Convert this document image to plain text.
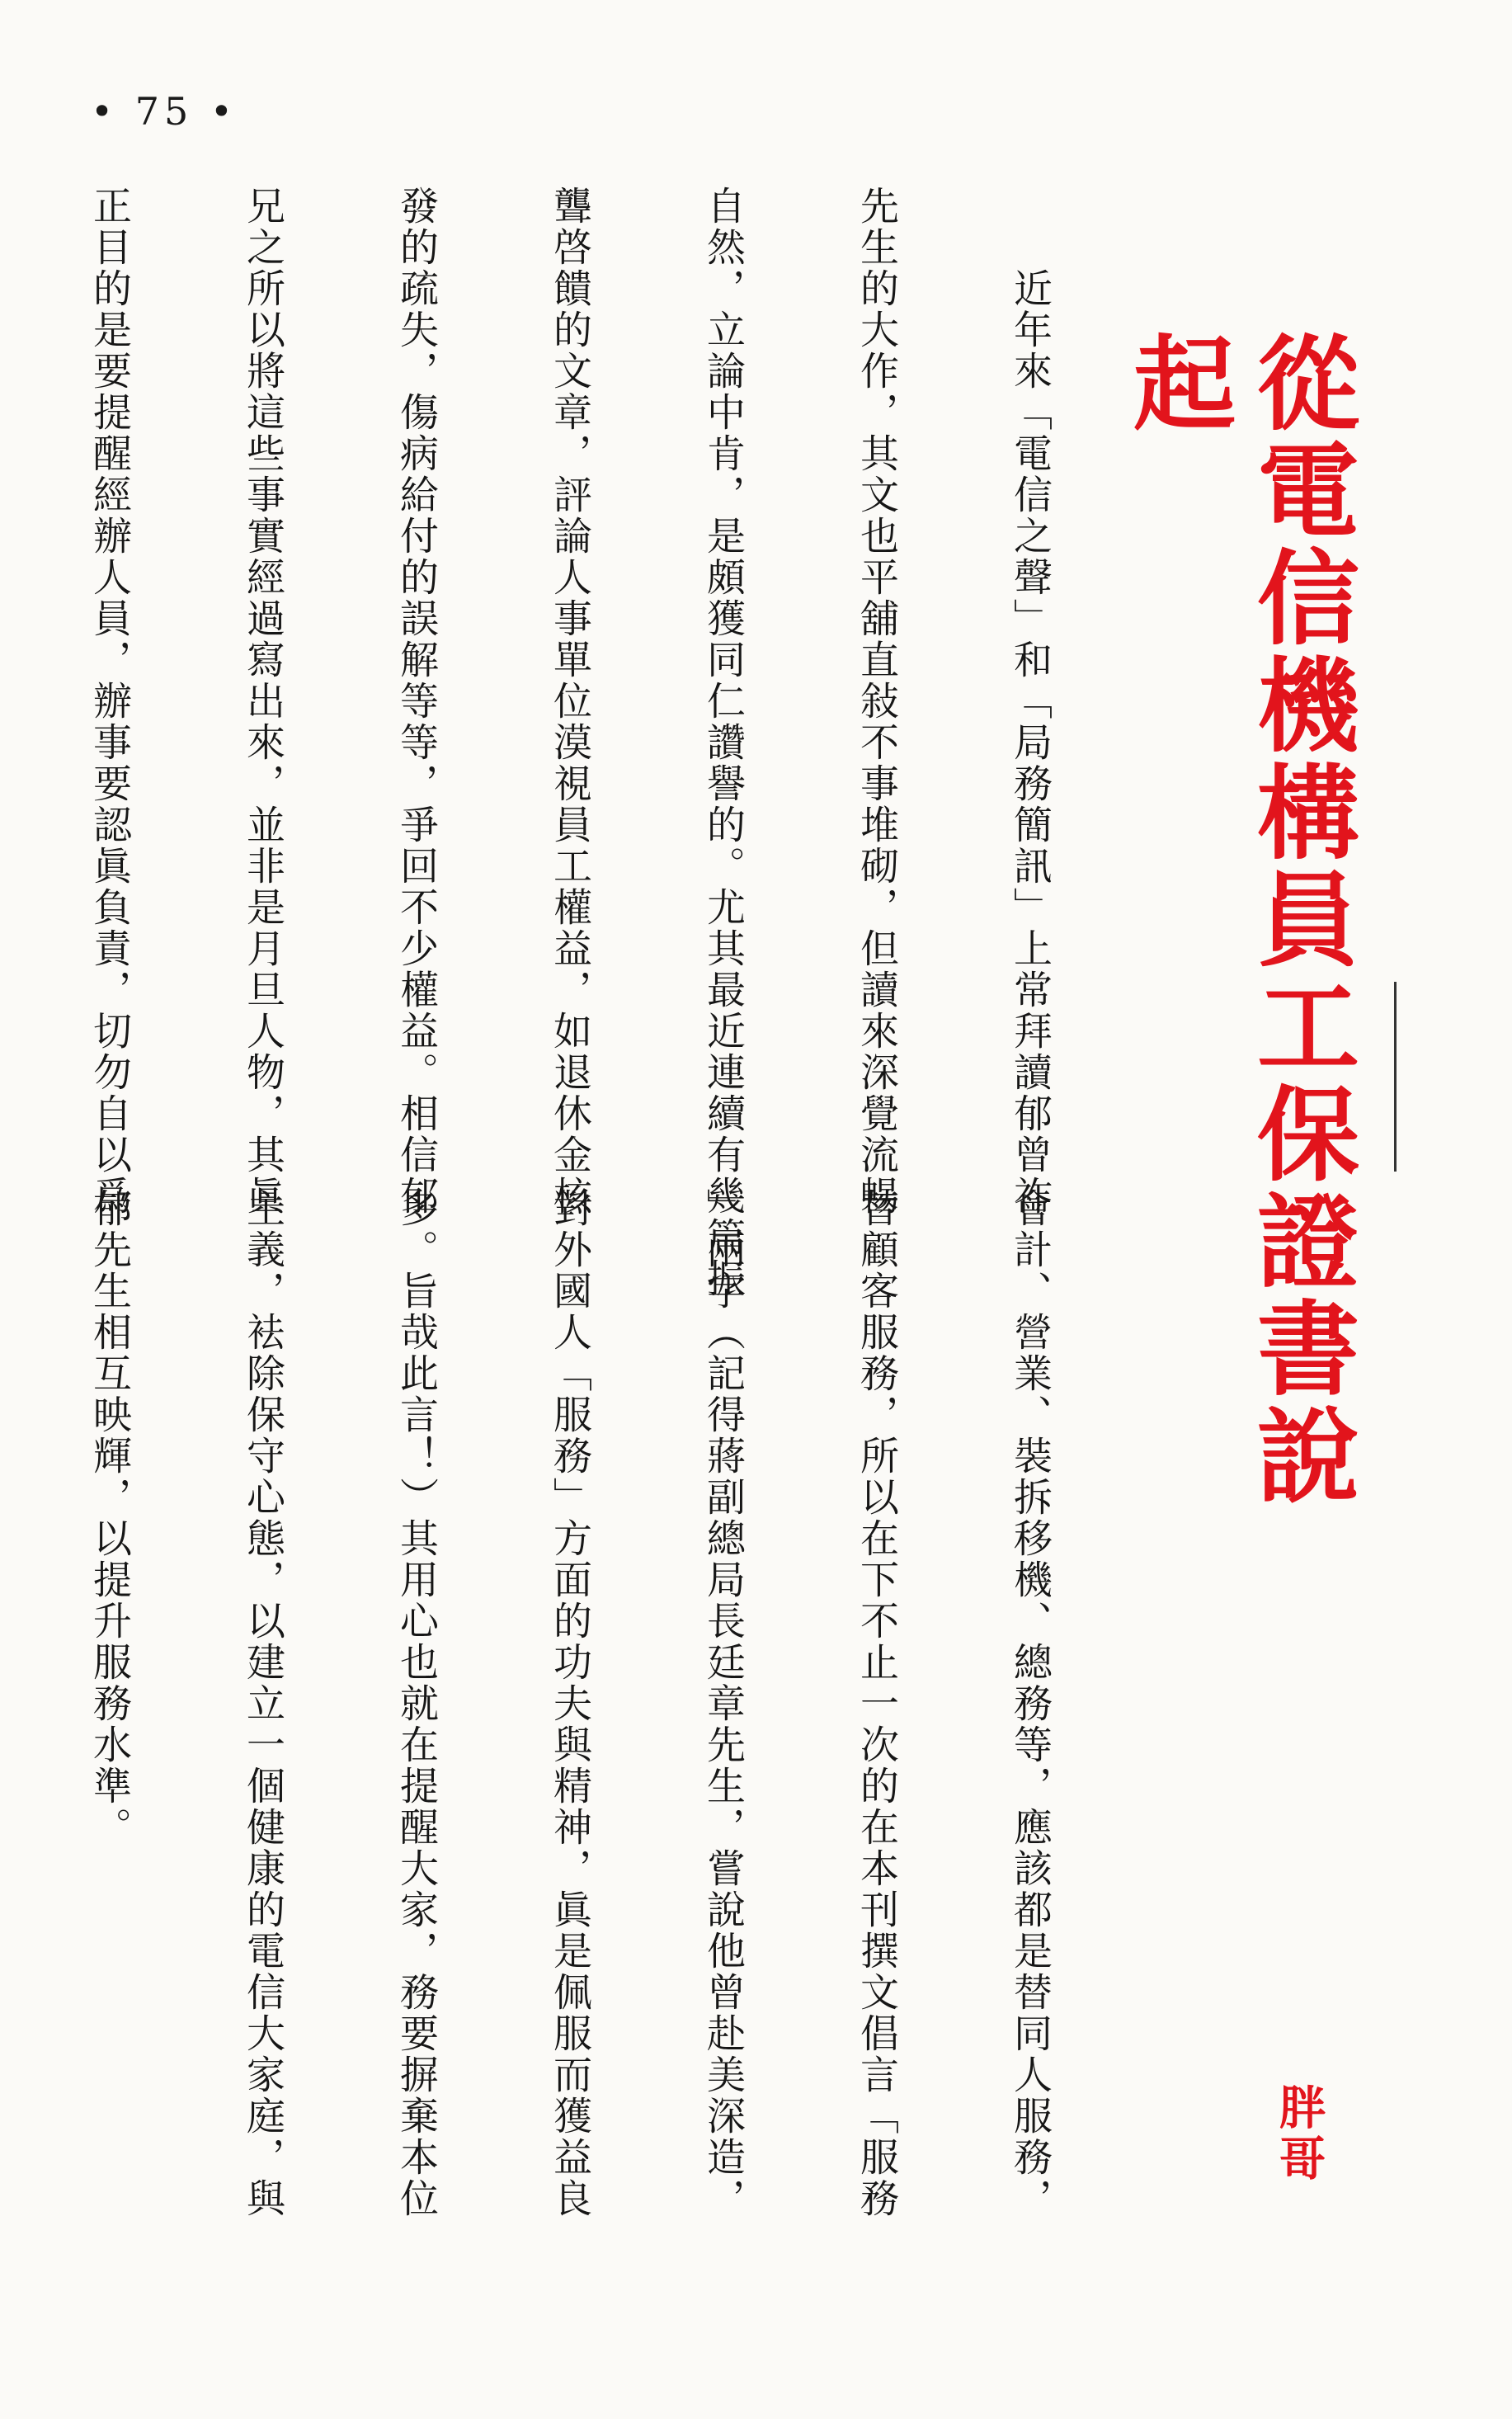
• 75 •
從電信機構員工保證書說起
胖哥

　　近年來「電信之聲」和「局務簡訊」上常拜讀郁曾祚

先生的大作，其文也平舖直敍不事堆砌，但讀來深覺流暢

自然，立論中肯，是頗獲同仁讚譽的。尤其最近連續有幾篇振

聾啓饋的文章，評論人事單位漠視員工權益，如退休金核

發的疏失，傷病給付的誤解等等，爭回不少權益。相信郁

兄之所以將這些事實經過寫出來，並非是月旦人物，其眞

正目的是要提醒經辦人員，辦事要認眞負責，切勿自以爲

會計、營業、裝拆移機、總務等，應該都是替同人服務，

替顧客服務，所以在下不止一次的在本刊撰文倡言「服務

」兩字（記得蔣副總局長廷章先生，嘗說他曾赴美深造，

對外國人「服務」方面的功夫與精神，眞是佩服而獲益良

多。旨哉此言！）其用心也就在提醒大家，務要摒棄本位

主義，袪除保守心態，以建立一個健康的電信大家庭，與

郁先生相互映輝，以提升服務水準。
